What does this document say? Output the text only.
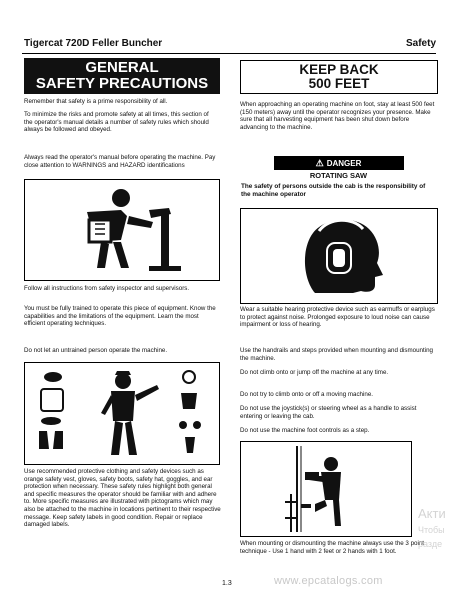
Tigercat 720D Feller Buncher	Safety
GENERAL
SAFETY PRECAUTIONS
KEEP BACK
500 FEET

Remember that safety is a prime responsibility of all.

To minimize the risks and promote safety at all times, this section of the operator's manual details a number of safety rules which should always be followed and obeyed.

Always read the operator's manual before operating the machine. Pay close attention to WARNINGS and HAZARD identifications

Follow all instructions from safety inspector and supervisors.

You must be fully trained to operate this piece of equipment. Know the capabilities and the limitations of the equipment. Learn the most efficient operating techniques.

Do not let an untrained person operate the machine.

Use recommended protective clothing and safety devices such as orange safety vest, gloves, safety boots, safety hat, goggles, and ear protection when necessary. These safety rules highlight both general and specific measures the operator should be familiar with and adhere to. More specific measures are illustrated with pictograms which may also be attached to the machine in locations pertinent to their respective message. Keep safety labels in good condition. Repair or replace damaged labels.

When approaching an operating machine on foot, stay at least 500 feet (150 meters) away until the operator recognizes your presence. Make sure that all harvesting equipment has been shut down before advancing to the machine.

⚠ DANGER
ROTATING SAW
The safety of persons outside the cab is the responsibility of the machine operator

Wear a suitable hearing protective device such as earmuffs or earplugs to protect against noise. Prolonged exposure to loud noise can cause impairment or loss of hearing.

Use the handrails and steps provided when mounting and dismounting the machine.

Do not climb onto or jump off the machine at any time.

Do not try to climb onto or off a moving machine.

Do not use the joystick(s) or steering wheel as a handle to assist entering or leaving the cab.

Do not use the machine foot controls as a step.

When mounting or dismounting the machine always use the 3 point technique - Use 1 hand with 2 feet or 2 hands with 1 foot.

1.3	www.epcatalogs.com
Акти
Чтобы
разде
